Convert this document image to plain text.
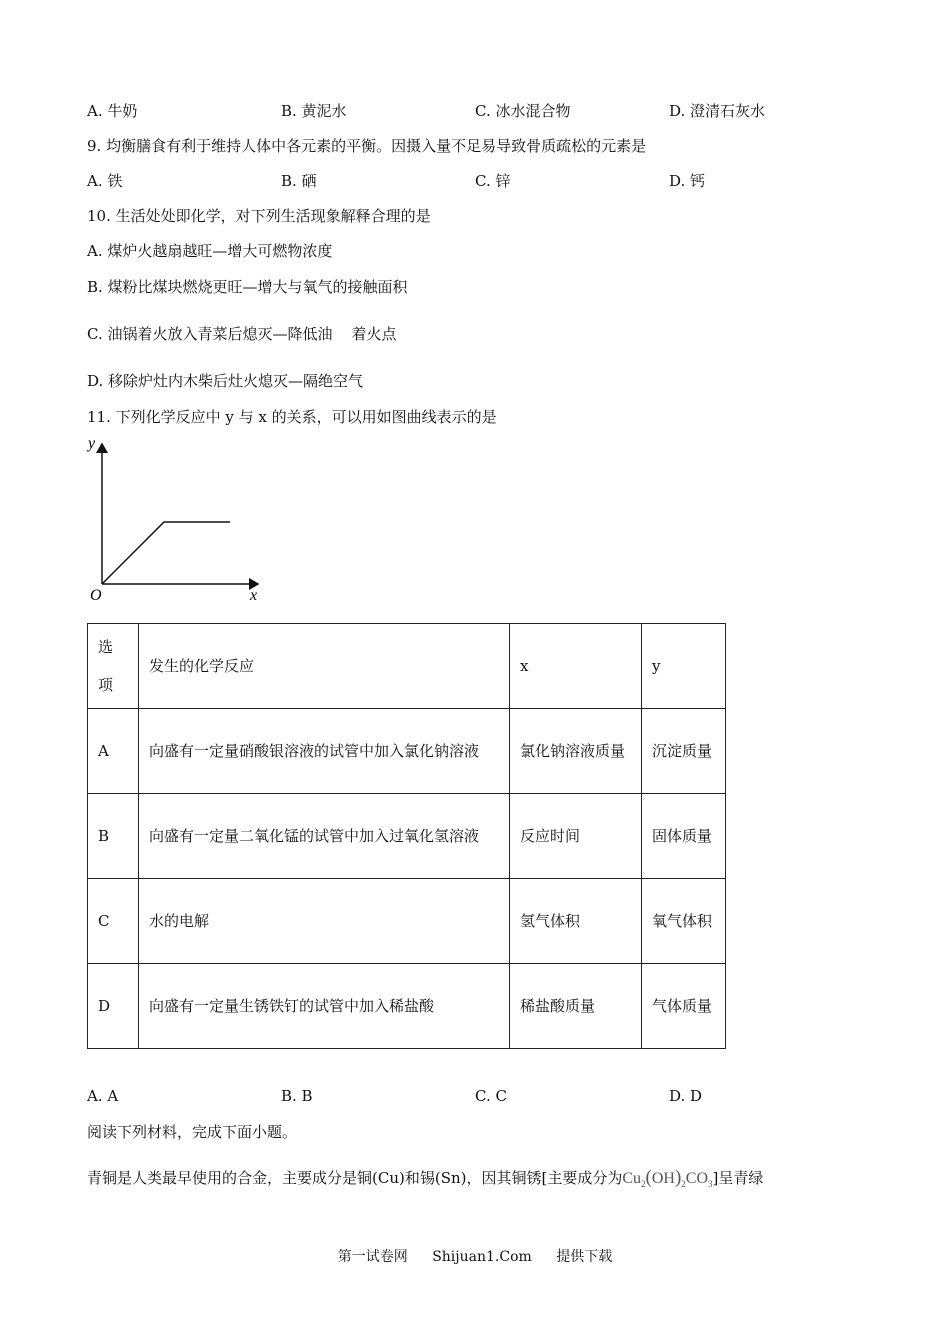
A. 牛奶	B. 黄泥水	C. 冰水混合物	D. 澄清石灰水
9. 均衡膳食有利于维持人体中各元素的平衡。因摄入量不足易导致骨质疏松的元素是
A. 铁	B. 硒	C. 锌	D. 钙
10. 生活处处即化学，对下列生活现象解释合理的是
A. 煤炉火越扇越旺—增大可燃物浓度
B. 煤粉比煤块燃烧更旺—增大与氧气的接触面积
C. 油锅着火放入青菜后熄灭—降低油    着火点
D. 移除炉灶内木柴后灶火熄灭—隔绝空气
11. 下列化学反应中 y 与 x 的关系，可以用如图曲线表示的是
y
x
O
选
项	发生的化学反应	x	y
A	向盛有一定量硝酸银溶液的试管中加入氯化钠溶液	氯化钠溶液质量	沉淀质量
B	向盛有一定量二氧化锰的试管中加入过氧化氢溶液	反应时间	固体质量
C	水的电解	氢气体积	氧气体积
D	向盛有一定量生锈铁钉的试管中加入稀盐酸	稀盐酸质量	气体质量
A. A	B. B	C. C	D. D
阅读下列材料，完成下面小题。
青铜是人类最早使用的合金，主要成分是铜(Cu)和锡(Sn)，因其铜锈[主要成分为$Cu_2(OH)_2CO_3$]呈青绿
第一试卷网 Shijuan1.Com 提供下载
